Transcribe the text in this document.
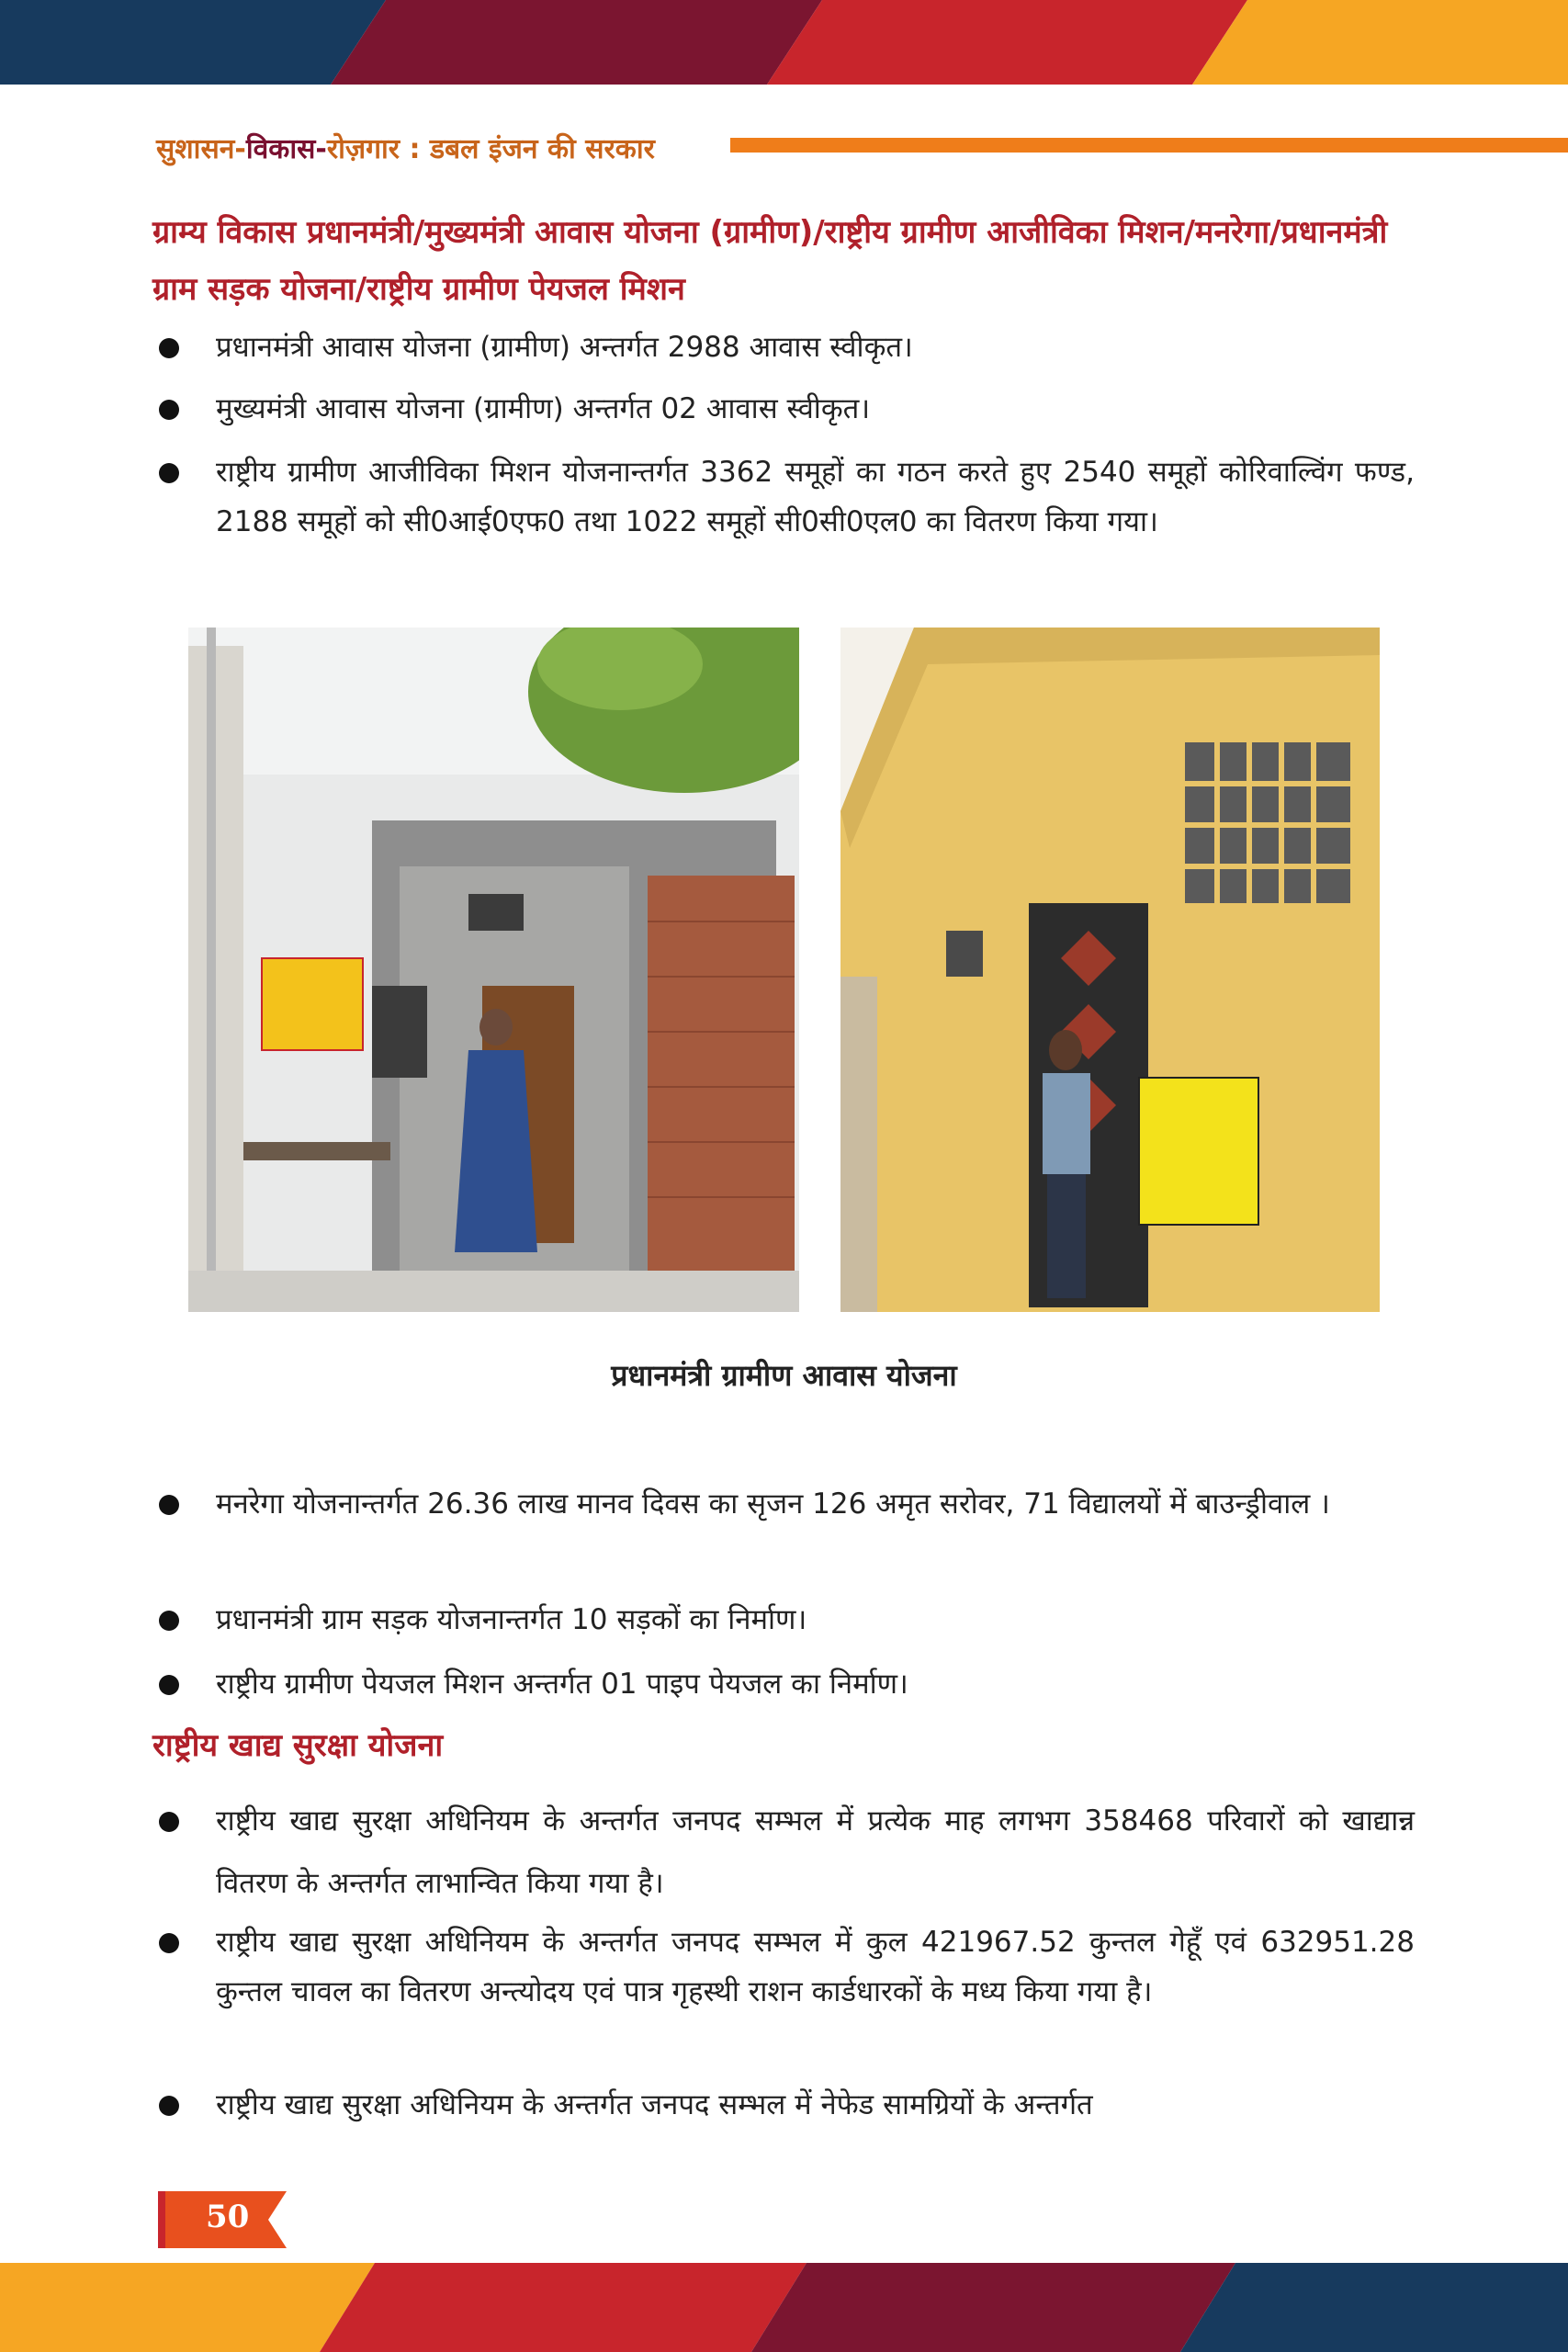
सुशासन-विकास-रोज़गार : डबल इंजन की सरकार
ग्राम्य विकास प्रधानमंत्री/मुख्यमंत्री आवास योजना (ग्रामीण)/राष्ट्रीय ग्रामीण आजीविका मिशन/मनरेगा/प्रधानमंत्री ग्राम सड़क योजना/राष्ट्रीय ग्रामीण पेयजल मिशन
प्रधानमंत्री आवास योजना (ग्रामीण) अन्तर्गत 2988 आवास स्वीकृत।
मुख्यमंत्री आवास योजना (ग्रामीण) अन्तर्गत 02 आवास स्वीकृत।
राष्ट्रीय ग्रामीण आजीविका मिशन योजनान्तर्गत 3362 समूहों का गठन करते हुए 2540 समूहों कोरिवाल्विंग फण्ड, 2188 समूहों को सी0आई0एफ0 तथा 1022 समूहों सी0सी0एल0 का वितरण किया गया।
प्रधानमंत्री ग्रामीण आवास योजना
मनरेगा योजनान्तर्गत 26.36 लाख मानव दिवस का सृजन 126 अमृत सरोवर, 71 विद्यालयों में बाउन्ड्रीवाल ।
प्रधानमंत्री ग्राम सड़क योजनान्तर्गत 10 सड़कों का निर्माण।
राष्ट्रीय ग्रामीण पेयजल मिशन अन्तर्गत 01 पाइप पेयजल का निर्माण।
राष्ट्रीय खाद्य सुरक्षा योजना
राष्ट्रीय खाद्य सुरक्षा अधिनियम के अन्तर्गत जनपद सम्भल में प्रत्येक माह लगभग 358468 परिवारों को खाद्यान्न वितरण के अन्तर्गत लाभान्वित किया गया है।
राष्ट्रीय खाद्य सुरक्षा अधिनियम के अन्तर्गत जनपद सम्भल में कुल 421967.52 कुन्तल गेहूँ एवं 632951.28 कुन्तल चावल का वितरण अन्त्योदय एवं पात्र गृहस्थी राशन कार्डधारकों के मध्य किया गया है।
राष्ट्रीय खाद्य सुरक्षा अधिनियम के अन्तर्गत जनपद सम्भल में नेफेड सामग्रियों के अन्तर्गत
50
